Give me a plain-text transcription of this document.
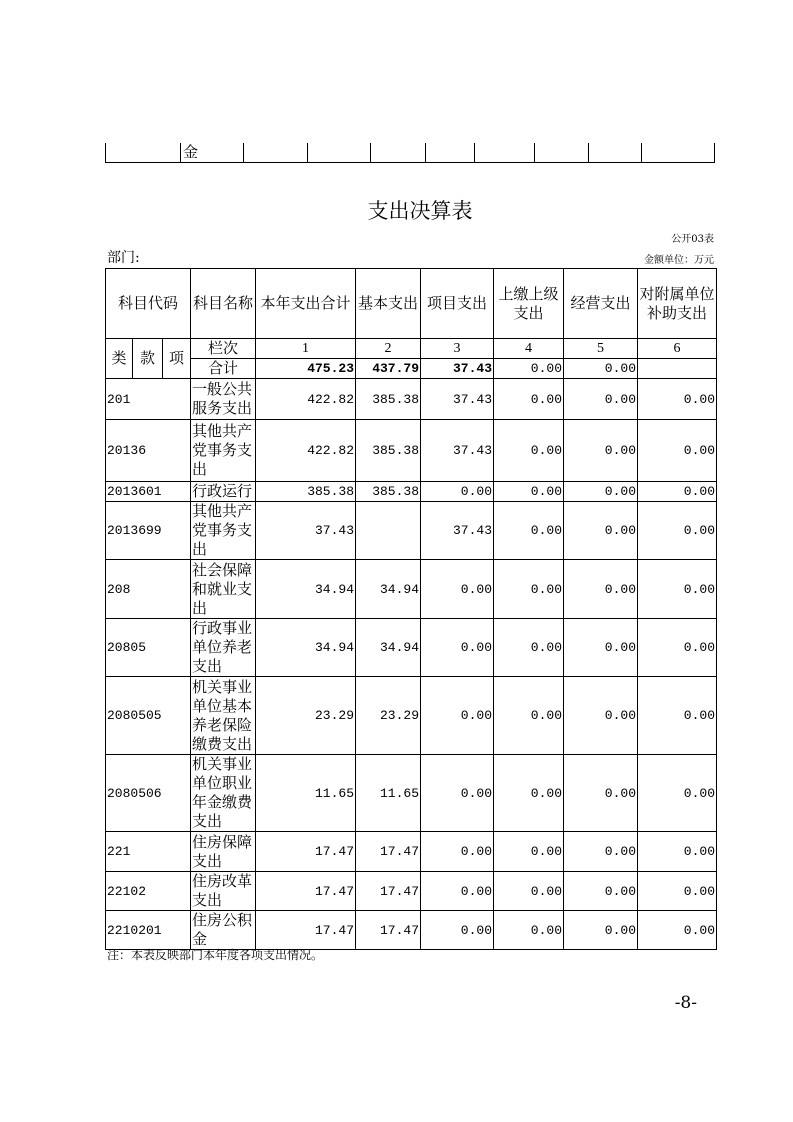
	金								
支出决算表
公开03表
部门:	金额单位：万元
科目代码			科目名称	本年支出合计	基本支出	项目支出	上缴上级支出	经营支出	对附属单位补助支出
类	款	项	栏次	1	2	3	4	5	6
			合计	475.23	437.79	37.43	0.00	0.00	
201			一般公共服务支出	422.82	385.38	37.43	0.00	0.00	0.00
20136			其他共产党事务支出	422.82	385.38	37.43	0.00	0.00	0.00
2013601			行政运行	385.38	385.38	0.00	0.00	0.00	0.00
2013699			其他共产党事务支出	37.43		37.43	0.00	0.00	0.00
208			社会保障和就业支出	34.94	34.94	0.00	0.00	0.00	0.00
20805			行政事业单位养老支出	34.94	34.94	0.00	0.00	0.00	0.00
2080505			机关事业单位基本养老保险缴费支出	23.29	23.29	0.00	0.00	0.00	0.00
2080506			机关事业单位职业年金缴费支出	11.65	11.65	0.00	0.00	0.00	0.00
221			住房保障支出	17.47	17.47	0.00	0.00	0.00	0.00
22102			住房改革支出	17.47	17.47	0.00	0.00	0.00	0.00
2210201			住房公积金	17.47	17.47	0.00	0.00	0.00	0.00
注：本表反映部门本年度各项支出情况。
-8-
